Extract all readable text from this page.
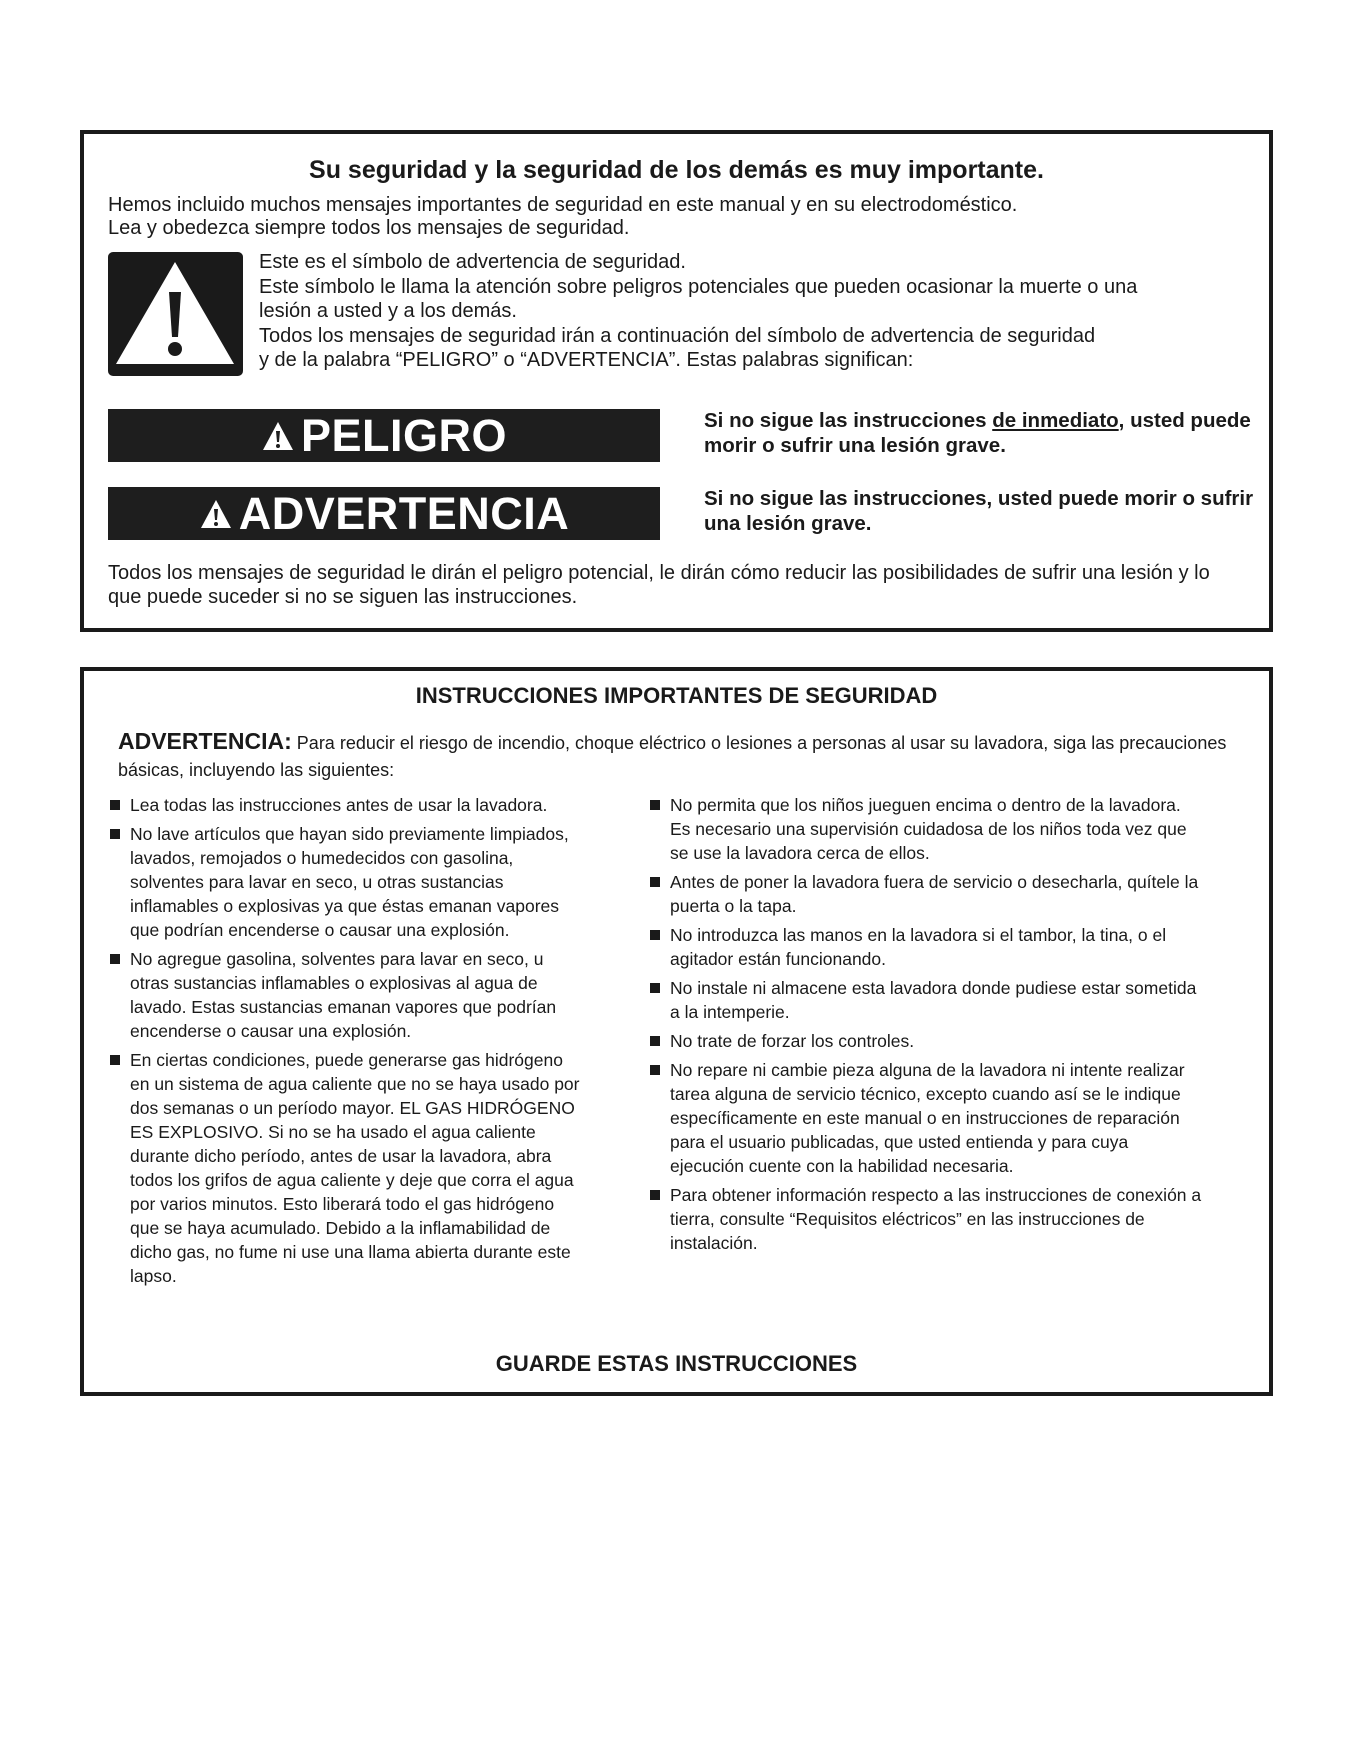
Su seguridad y la seguridad de los demás es muy importante.
Hemos incluido muchos mensajes importantes de seguridad en este manual y en su electrodoméstico.
Lea y obedezca siempre todos los mensajes de seguridad.
Este es el símbolo de advertencia de seguridad.
Este símbolo le llama la atención sobre peligros potenciales que pueden ocasionar la muerte o una
lesión a usted y a los demás.
Todos los mensajes de seguridad irán a continuación del símbolo de advertencia de seguridad
y de la palabra “PELIGRO” o “ADVERTENCIA”. Estas palabras significan:
PELIGRO	Si no sigue las instrucciones de inmediato, usted puede morir o sufrir una lesión grave.
ADVERTENCIA	Si no sigue las instrucciones, usted puede morir o sufrir una lesión grave.
Todos los mensajes de seguridad le dirán el peligro potencial, le dirán cómo reducir las posibilidades de sufrir una lesión y lo que puede suceder si no se siguen las instrucciones.
INSTRUCCIONES IMPORTANTES DE SEGURIDAD
ADVERTENCIA: Para reducir el riesgo de incendio, choque eléctrico o lesiones a personas al usar su lavadora, siga las precauciones básicas, incluyendo las siguientes:
Lea todas las instrucciones antes de usar la lavadora.
No lave artículos que hayan sido previamente limpiados, lavados, remojados o humedecidos con gasolina, solventes para lavar en seco, u otras sustancias inflamables o explosivas ya que éstas emanan vapores que podrían encenderse o causar una explosión.
No agregue gasolina, solventes para lavar en seco, u otras sustancias inflamables o explosivas al agua de lavado. Estas sustancias emanan vapores que podrían encenderse o causar una explosión.
En ciertas condiciones, puede generarse gas hidrógeno en un sistema de agua caliente que no se haya usado por dos semanas o un período mayor. EL GAS HIDRÓGENO ES EXPLOSIVO. Si no se ha usado el agua caliente durante dicho período, antes de usar la lavadora, abra todos los grifos de agua caliente y deje que corra el agua por varios minutos. Esto liberará todo el gas hidrógeno que se haya acumulado. Debido a la inflamabilidad de dicho gas, no fume ni use una llama abierta durante este lapso.
No permita que los niños jueguen encima o dentro de la lavadora. Es necesario una supervisión cuidadosa de los niños toda vez que se use la lavadora cerca de ellos.
Antes de poner la lavadora fuera de servicio o desecharla, quítele la puerta o la tapa.
No introduzca las manos en la lavadora si el tambor, la tina, o el agitador están funcionando.
No instale ni almacene esta lavadora donde pudiese estar sometida a la intemperie.
No trate de forzar los controles.
No repare ni cambie pieza alguna de la lavadora ni intente realizar tarea alguna de servicio técnico, excepto cuando así se le indique específicamente en este manual o en instrucciones de reparación para el usuario publicadas, que usted entienda y para cuya ejecución cuente con la habilidad necesaria.
Para obtener información respecto a las instrucciones de conexión a tierra, consulte “Requisitos eléctricos” en las instrucciones de instalación.
GUARDE ESTAS INSTRUCCIONES
